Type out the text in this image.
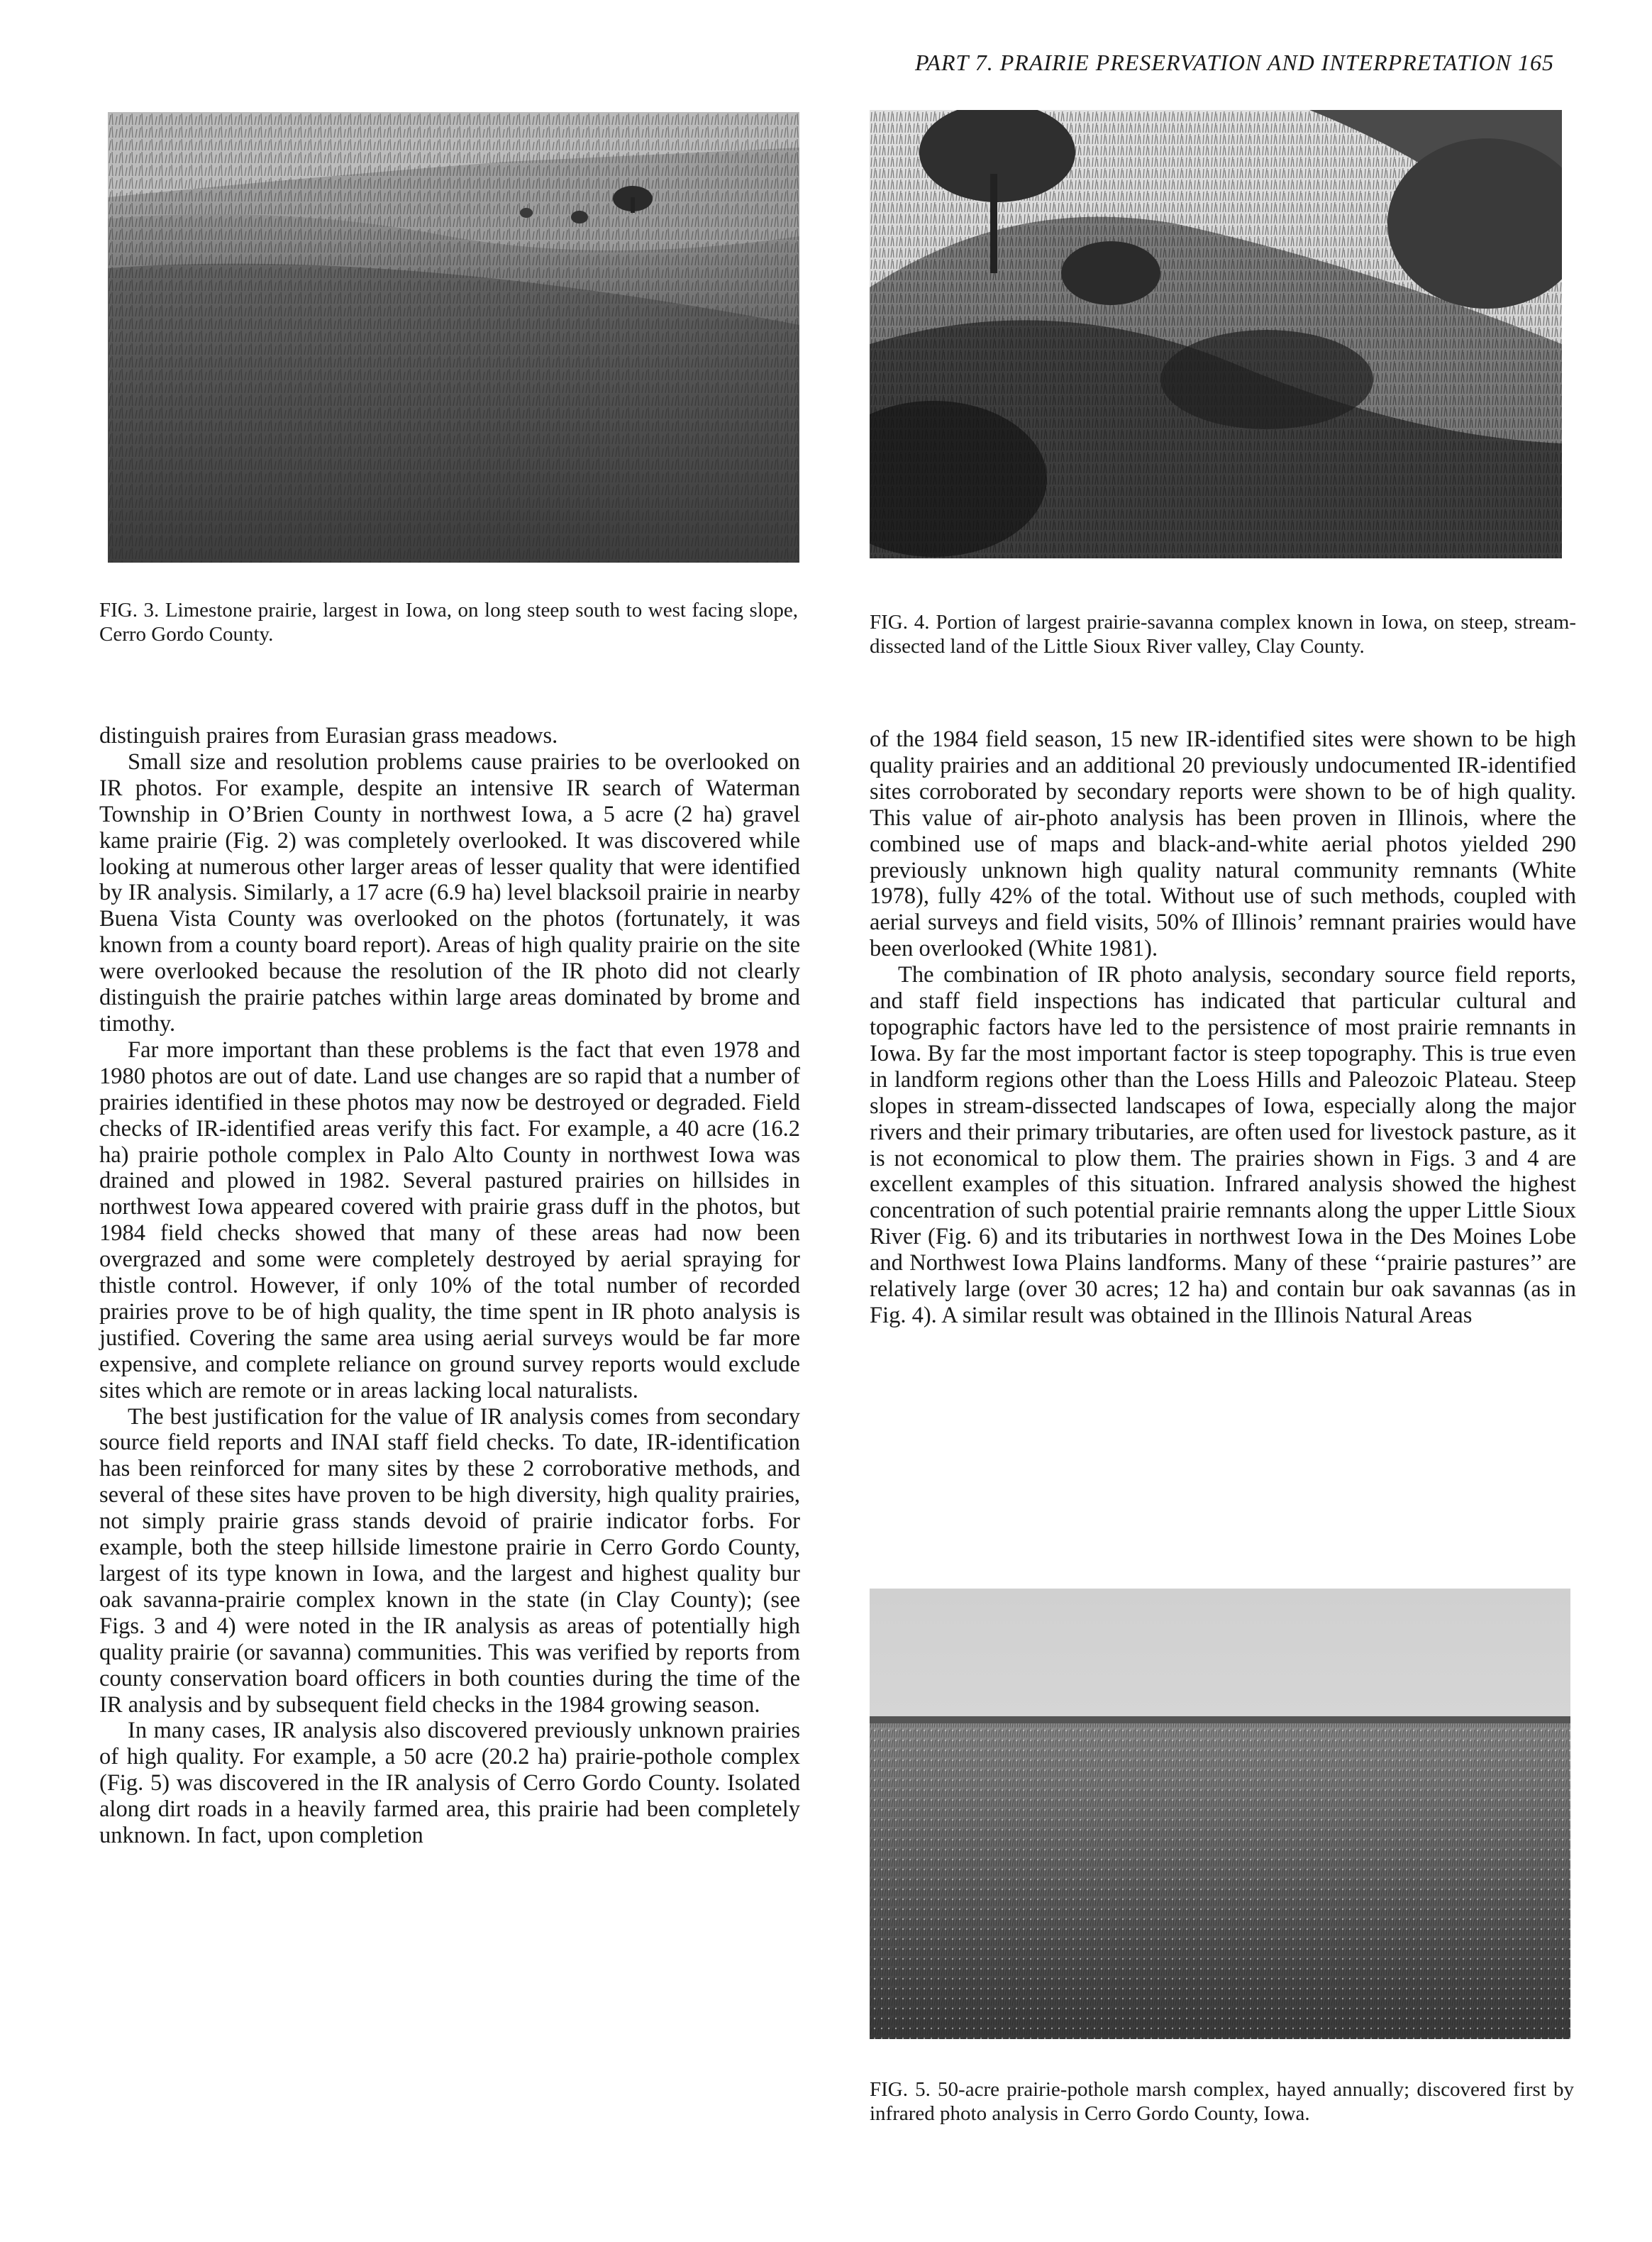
PART 7. PRAIRIE PRESERVATION AND INTERPRETATION 165
FIG. 3. Limestone prairie, largest in Iowa, on long steep south to west facing slope, Cerro Gordo County.
FIG. 4. Portion of largest prairie-savanna complex known in Iowa, on steep, stream-dissected land of the Little Sioux River valley, Clay County.
FIG. 5. 50-acre prairie-pothole marsh complex, hayed annually; discovered first by infrared photo analysis in Cerro Gordo County, Iowa.

distinguish praires from Eurasian grass meadows.

Small size and resolution problems cause prairies to be overlooked on IR photos. For example, despite an intensive IR search of Waterman Township in O’Brien County in northwest Iowa, a 5 acre (2 ha) gravel kame prairie (Fig. 2) was completely overlooked. It was discovered while looking at numerous other larger areas of lesser quality that were identified by IR analysis. Similarly, a 17 acre (6.9 ha) level blacksoil prairie in nearby Buena Vista County was overlooked on the photos (fortunately, it was known from a county board report). Areas of high quality prairie on the site were overlooked because the resolution of the IR photo did not clearly distinguish the prairie patches within large areas dominated by brome and timothy.

Far more important than these problems is the fact that even 1978 and 1980 photos are out of date. Land use changes are so rapid that a number of prairies identified in these photos may now be destroyed or degraded. Field checks of IR-identified areas verify this fact. For example, a 40 acre (16.2 ha) prairie pothole complex in Palo Alto County in northwest Iowa was drained and plowed in 1982. Several pastured prairies on hillsides in northwest Iowa appeared covered with prairie grass duff in the photos, but 1984 field checks showed that many of these areas had now been overgrazed and some were completely destroyed by aerial spraying for thistle control. However, if only 10% of the total number of recorded prairies prove to be of high quality, the time spent in IR photo analysis is justified. Covering the same area using aerial surveys would be far more expensive, and complete reliance on ground survey reports would exclude sites which are remote or in areas lacking local naturalists.

The best justification for the value of IR analysis comes from secondary source field reports and INAI staff field checks. To date, IR-identification has been reinforced for many sites by these 2 corroborative methods, and several of these sites have proven to be high diversity, high quality prairies, not simply prairie grass stands devoid of prairie indicator forbs. For example, both the steep hillside limestone prairie in Cerro Gordo County, largest of its type known in Iowa, and the largest and highest quality bur oak savanna-prairie complex known in the state (in Clay County); (see Figs. 3 and 4) were noted in the IR analysis as areas of potentially high quality prairie (or savanna) communities. This was verified by reports from county conservation board officers in both counties during the time of the IR analysis and by subsequent field checks in the 1984 growing season.

In many cases, IR analysis also discovered previously unknown prairies of high quality. For example, a 50 acre (20.2 ha) prairie-pothole complex (Fig. 5) was discovered in the IR analysis of Cerro Gordo County. Isolated along dirt roads in a heavily farmed area, this prairie had been completely unknown. In fact, upon completion

of the 1984 field season, 15 new IR-identified sites were shown to be high quality prairies and an additional 20 previously undocumented IR-identified sites corroborated by secondary reports were shown to be of high quality. This value of air-photo analysis has been proven in Illinois, where the combined use of maps and black-and-white aerial photos yielded 290 previously unknown high quality natural community remnants (White 1978), fully 42% of the total. Without use of such methods, coupled with aerial surveys and field visits, 50% of Illinois’ remnant prairies would have been overlooked (White 1981).

The combination of IR photo analysis, secondary source field reports, and staff field inspections has indicated that particular cultural and topographic factors have led to the persistence of most prairie remnants in Iowa. By far the most important factor is steep topography. This is true even in landform regions other than the Loess Hills and Paleozoic Plateau. Steep slopes in stream-dissected landscapes of Iowa, especially along the major rivers and their primary tributaries, are often used for livestock pasture, as it is not economical to plow them. The prairies shown in Figs. 3 and 4 are excellent examples of this situation. Infrared analysis showed the highest concentration of such potential prairie remnants along the upper Little Sioux River (Fig. 6) and its tributaries in northwest Iowa in the Des Moines Lobe and Northwest Iowa Plains landforms. Many of these ‘‘prairie pastures’’ are relatively large (over 30 acres; 12 ha) and contain bur oak savannas (as in Fig. 4). A similar result was obtained in the Illinois Natural Areas
